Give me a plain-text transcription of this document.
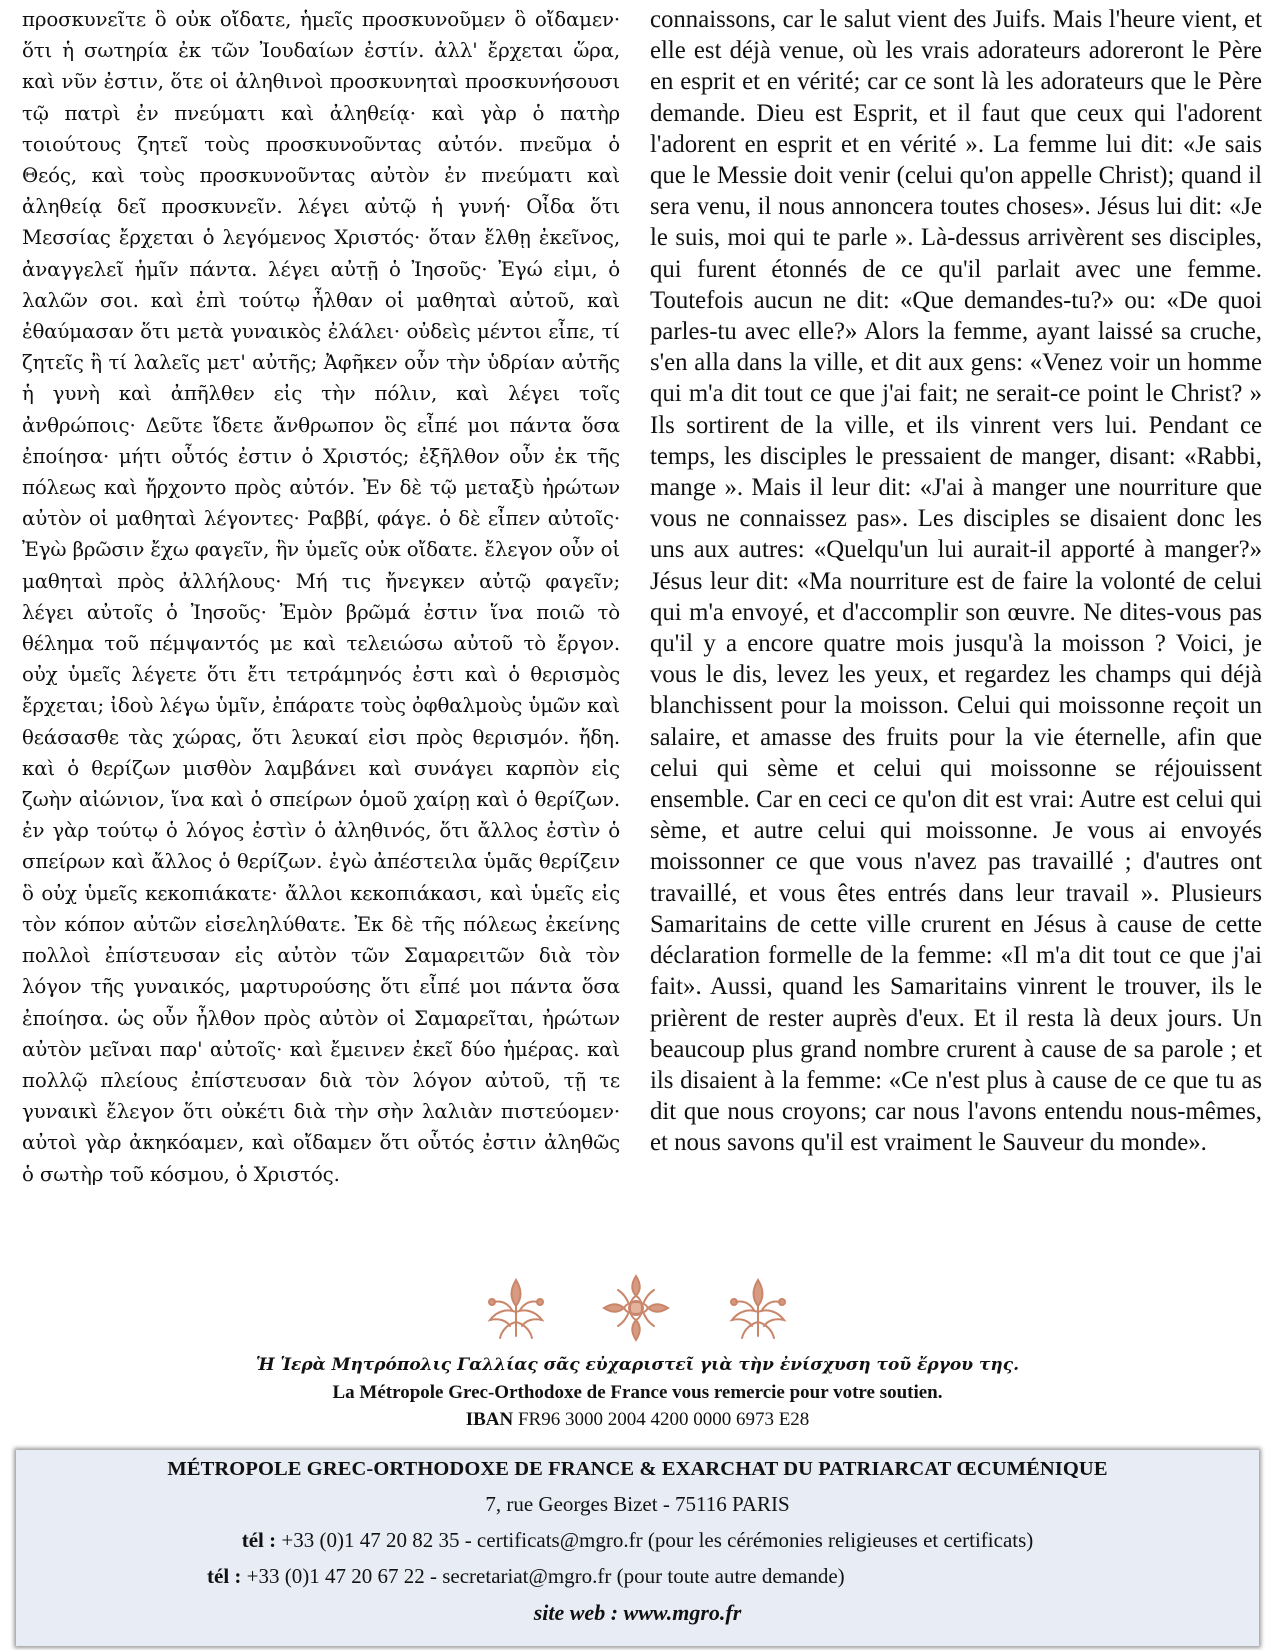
προσκυνεῖτε ὃ οὐκ οἴδατε, ἡμεῖς προσκυνοῦμεν ὃ οἴδαμεν· ὅτι ἡ σωτηρία ἐκ τῶν Ἰουδαίων ἐστίν. ἀλλ' ἔρχεται ὥρα, καὶ νῦν ἐστιν, ὅτε οἱ ἀληθινοὶ προσκυνηταὶ προσκυνήσουσι τῷ πατρὶ ἐν πνεύματι καὶ ἀληθείᾳ· καὶ γὰρ ὁ πατὴρ τοιούτους ζητεῖ τοὺς προσκυνοῦντας αὐτόν. πνεῦμα ὁ Θεός, καὶ τοὺς προσκυνοῦντας αὐτὸν ἐν πνεύματι καὶ ἀληθείᾳ δεῖ προσκυνεῖν. λέγει αὐτῷ ἡ γυνή· Οἶδα ὅτι Μεσσίας ἔρχεται ὁ λεγόμενος Χριστός· ὅταν ἔλθῃ ἐκεῖνος, ἀναγγελεῖ ἡμῖν πάντα. λέγει αὐτῇ ὁ Ἰησοῦς· Ἐγώ εἰμι, ὁ λαλῶν σοι. καὶ ἐπὶ τούτῳ ἦλθαν οἱ μαθηταὶ αὐτοῦ, καὶ ἐθαύμασαν ὅτι μετὰ γυναικὸς ἐλάλει· οὐδεὶς μέντοι εἶπε, τί ζητεῖς ἢ τί λαλεῖς μετ' αὐτῆς; Ἀφῆκεν οὖν τὴν ὑδρίαν αὐτῆς ἡ γυνὴ καὶ ἀπῆλθεν εἰς τὴν πόλιν, καὶ λέγει τοῖς ἀνθρώποις· Δεῦτε ἴδετε ἄνθρωπον ὃς εἶπέ μοι πάντα ὅσα ἐποίησα· μήτι οὗτός ἐστιν ὁ Χριστός; ἐξῆλθον οὖν ἐκ τῆς πόλεως καὶ ἤρχοντο πρὸς αὐτόν. Ἐν δὲ τῷ μεταξὺ ἠρώτων αὐτὸν οἱ μαθηταὶ λέγοντες· Ραββί, φάγε. ὁ δὲ εἶπεν αὐτοῖς· Ἐγὼ βρῶσιν ἔχω φαγεῖν, ἣν ὑμεῖς οὐκ οἴδατε. ἔλεγον οὖν οἱ μαθηταὶ πρὸς ἀλλήλους· Μή τις ἤνεγκεν αὐτῷ φαγεῖν; λέγει αὐτοῖς ὁ Ἰησοῦς· Ἐμὸν βρῶμά ἐστιν ἵνα ποιῶ τὸ θέλημα τοῦ πέμψαντός με καὶ τελειώσω αὐτοῦ τὸ ἔργον. οὐχ ὑμεῖς λέγετε ὅτι ἔτι τετράμηνός ἐστι καὶ ὁ θερισμὸς ἔρχεται; ἰδοὺ λέγω ὑμῖν, ἐπάρατε τοὺς ὀφθαλμοὺς ὑμῶν καὶ θεάσασθε τὰς χώρας, ὅτι λευκαί εἰσι πρὸς θερισμόν. ἤδη. καὶ ὁ θερίζων μισθὸν λαμβάνει καὶ συνάγει καρπὸν εἰς ζωὴν αἰώνιον, ἵνα καὶ ὁ σπείρων ὁμοῦ χαίρῃ καὶ ὁ θερίζων. ἐν γὰρ τούτῳ ὁ λόγος ἐστὶν ὁ ἀληθινός, ὅτι ἄλλος ἐστὶν ὁ σπείρων καὶ ἄλλος ὁ θερίζων. ἐγὼ ἀπέστειλα ὑμᾶς θερίζειν ὃ οὐχ ὑμεῖς κεκοπιάκατε· ἄλλοι κεκοπιάκασι, καὶ ὑμεῖς εἰς τὸν κόπον αὐτῶν εἰσεληλύθατε. Ἐκ δὲ τῆς πόλεως ἐκείνης πολλοὶ ἐπίστευσαν εἰς αὐτὸν τῶν Σαμαρειτῶν διὰ τὸν λόγον τῆς γυναικός, μαρτυρούσης ὅτι εἶπέ μοι πάντα ὅσα ἐποίησα. ὡς οὖν ἦλθον πρὸς αὐτὸν οἱ Σαμαρεῖται, ἠρώτων αὐτὸν μεῖναι παρ' αὐτοῖς· καὶ ἔμεινεν ἐκεῖ δύο ἡμέρας. καὶ πολλῷ πλείους ἐπίστευσαν διὰ τὸν λόγον αὐτοῦ, τῇ τε γυναικὶ ἔλεγον ὅτι οὐκέτι διὰ τὴν σὴν λαλιὰν πιστεύομεν· αὐτοὶ γὰρ ἀκηκόαμεν, καὶ οἴδαμεν ὅτι οὗτός ἐστιν ἀληθῶς ὁ σωτὴρ τοῦ κόσμου, ὁ Χριστός.

connaissons, car le salut vient des Juifs. Mais l'heure vient, et elle est déjà venue, où les vrais adorateurs adoreront le Père en esprit et en vérité; car ce sont là les adorateurs que le Père demande. Dieu est Esprit, et il faut que ceux qui l'adorent l'adorent en esprit et en vérité ». La femme lui dit: «Je sais que le Messie doit venir (celui qu'on appelle Christ); quand il sera venu, il nous annoncera toutes choses». Jésus lui dit: «Je le suis, moi qui te parle ». Là-dessus arrivèrent ses disciples, qui furent étonnés de ce qu'il parlait avec une femme. Toutefois aucun ne dit: «Que demandes-tu?» ou: «De quoi parles-tu avec elle?» Alors la femme, ayant laissé sa cruche, s'en alla dans la ville, et dit aux gens: «Venez voir un homme qui m'a dit tout ce que j'ai fait; ne serait-ce point le Christ? » Ils sortirent de la ville, et ils vinrent vers lui. Pendant ce temps, les disciples le pressaient de manger, disant: «Rabbi, mange ». Mais il leur dit: «J'ai à manger une nourriture que vous ne connaissez pas». Les disciples se disaient donc les uns aux autres: «Quelqu'un lui aurait-il apporté à manger?» Jésus leur dit: «Ma nourriture est de faire la volonté de celui qui m'a envoyé, et d'accomplir son œuvre. Ne dites-vous pas qu'il y a encore quatre mois jusqu'à la moisson ? Voici, je vous le dis, levez les yeux, et regardez les champs qui déjà blanchissent pour la moisson. Celui qui moissonne reçoit un salaire, et amasse des fruits pour la vie éternelle, afin que celui qui sème et celui qui moissonne se réjouissent ensemble. Car en ceci ce qu'on dit est vrai: Autre est celui qui sème, et autre celui qui moissonne. Je vous ai envoyés moissonner ce que vous n'avez pas travaillé ; d'autres ont travaillé, et vous êtes entrés dans leur travail ». Plusieurs Samaritains de cette ville crurent en Jésus à cause de cette déclaration formelle de la femme: «Il m'a dit tout ce que j'ai fait». Aussi, quand les Samaritains vinrent le trouver, ils le prièrent de rester auprès d'eux. Et il resta là deux jours. Un beaucoup plus grand nombre crurent à cause de sa parole ; et ils disaient à la femme: «Ce n'est plus à cause de ce que tu as dit que nous croyons; car nous l'avons entendu nous-mêmes, et nous savons qu'il est vraiment le Sauveur du monde».

Ἡ Ἱερὰ Μητρόπολις Γαλλίας σᾶς εὐχαριστεῖ γιὰ τὴν ἐνίσχυση τοῦ ἔργου της.
La Métropole Grec-Orthodoxe de France vous remercie pour votre soutien.
IBAN FR96 3000 2004 4200 0000 6973 E28
MÉTROPOLE GREC-ORTHODOXE DE FRANCE & EXARCHAT DU PATRIARCAT ŒCUMÉNIQUE
7, rue Georges Bizet - 75116 PARIS
tél : +33 (0)1 47 20 82 35 - certificats@mgro.fr (pour les cérémonies religieuses et certificats)
tél : +33 (0)1 47 20 67 22 - secretariat@mgro.fr (pour toute autre demande)
site web : www.mgro.fr
